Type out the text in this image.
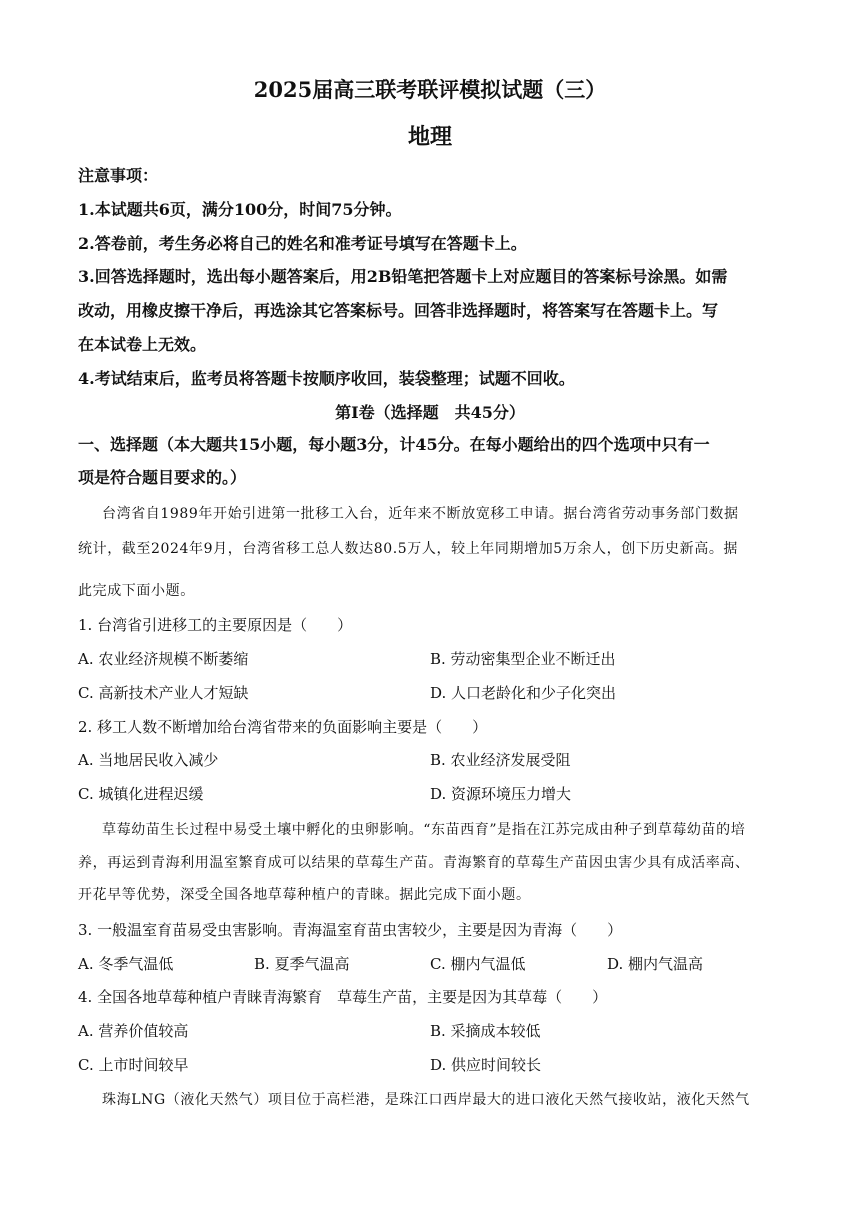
2025届高三联考联评模拟试题（三）
地理
注意事项：
1.本试题共6页，满分100分，时间75分钟。
2.答卷前，考生务必将自己的姓名和准考证号填写在答题卡上。
3.回答选择题时，选出每小题答案后，用2B铅笔把答题卡上对应题目的答案标号涂黑。如需
改动，用橡皮擦干净后，再选涂其它答案标号。回答非选择题时，将答案写在答题卡上。写
在本试卷上无效。
4.考试结束后，监考员将答题卡按顺序收回，装袋整理；试题不回收。
第Ⅰ卷（选择题　共45分）
一、选择题（本大题共15小题，每小题3分，计45分。在每小题给出的四个选项中只有一
项是符合题目要求的。）
台湾省自1989年开始引进第一批移工入台，近年来不断放宽移工申请。据台湾省劳动事务部门数据
统计，截至2024年9月，台湾省移工总人数达80.5万人，较上年同期增加5万余人，创下历史新高。据
此完成下面小题。
1. 台湾省引进移工的主要原因是（　　）
A. 农业经济规模不断萎缩	B. 劳动密集型企业不断迁出
C. 高新技术产业人才短缺	D. 人口老龄化和少子化突出
2. 移工人数不断增加给台湾省带来的负面影响主要是（　　）
A. 当地居民收入减少	B. 农业经济发展受阻
C. 城镇化进程迟缓	D. 资源环境压力增大
草莓幼苗生长过程中易受土壤中孵化的虫卵影响。“东苗西育”是指在江苏完成由种子到草莓幼苗的培
养，再运到青海利用温室繁育成可以结果的草莓生产苗。青海繁育的草莓生产苗因虫害少具有成活率高、
开花早等优势，深受全国各地草莓种植户的青睐。据此完成下面小题。
3. 一般温室育苗易受虫害影响。青海温室育苗虫害较少，主要是因为青海（　　）
A. 冬季气温低	B. 夏季气温高	C. 棚内气温低	D. 棚内气温高
4. 全国各地草莓种植户青睐青海繁育　草莓生产苗，主要是因为其草莓（　　）
A. 营养价值较高	B. 采摘成本较低
C. 上市时间较早	D. 供应时间较长
珠海LNG（液化天然气）项目位于高栏港，是珠江口西岸最大的进口液化天然气接收站，液化天然气
